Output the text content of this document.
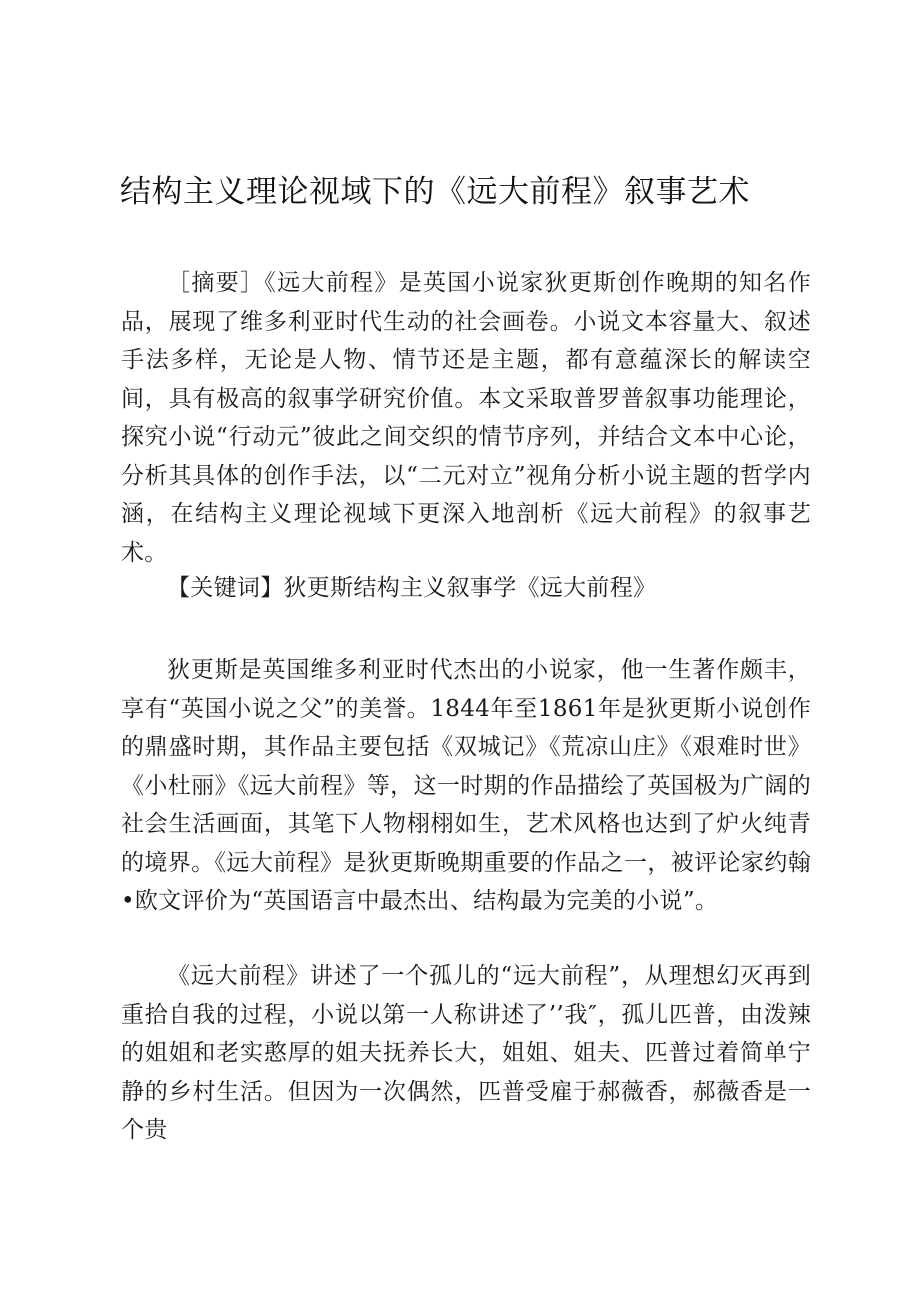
结构主义理论视域下的《远大前程》叙事艺术

［摘要］《远大前程》是英国小说家狄更斯创作晚期的知名作品，展现了维多利亚时代生动的社会画卷。小说文本容量大、叙述手法多样，无论是人物、情节还是主题，都有意蕴深长的解读空间，具有极高的叙事学研究价值。本文采取普罗普叙事功能理论，探究小说“行动元”彼此之间交织的情节序列，并结合文本中心论，分析其具体的创作手法，以“二元对立”视角分析小说主题的哲学内涵，在结构主义理论视域下更深入地剖析《远大前程》的叙事艺术。

【关键词】狄更斯结构主义叙事学《远大前程》

狄更斯是英国维多利亚时代杰出的小说家，他一生著作颇丰，享有“英国小说之父”的美誉。1844年至1861年是狄更斯小说创作的鼎盛时期，其作品主要包括《双城记》《荒凉山庄》《艰难时世》《小杜丽》《远大前程》等，这一时期的作品描绘了英国极为广阔的社会生活画面，其笔下人物栩栩如生，艺术风格也达到了炉火纯青的境界。《远大前程》是狄更斯晚期重要的作品之一，被评论家约翰•欧文评价为“英国语言中最杰出、结构最为完美的小说”。

《远大前程》讲述了一个孤儿的“远大前程”，从理想幻灭再到重拾自我的过程，小说以第一人称讲述了’’我″，孤儿匹普，由泼辣的姐姐和老实憨厚的姐夫抚养长大，姐姐、姐夫、匹普过着简单宁静的乡村生活。但因为一次偶然，匹普受雇于郝薇香，郝薇香是一个贵
